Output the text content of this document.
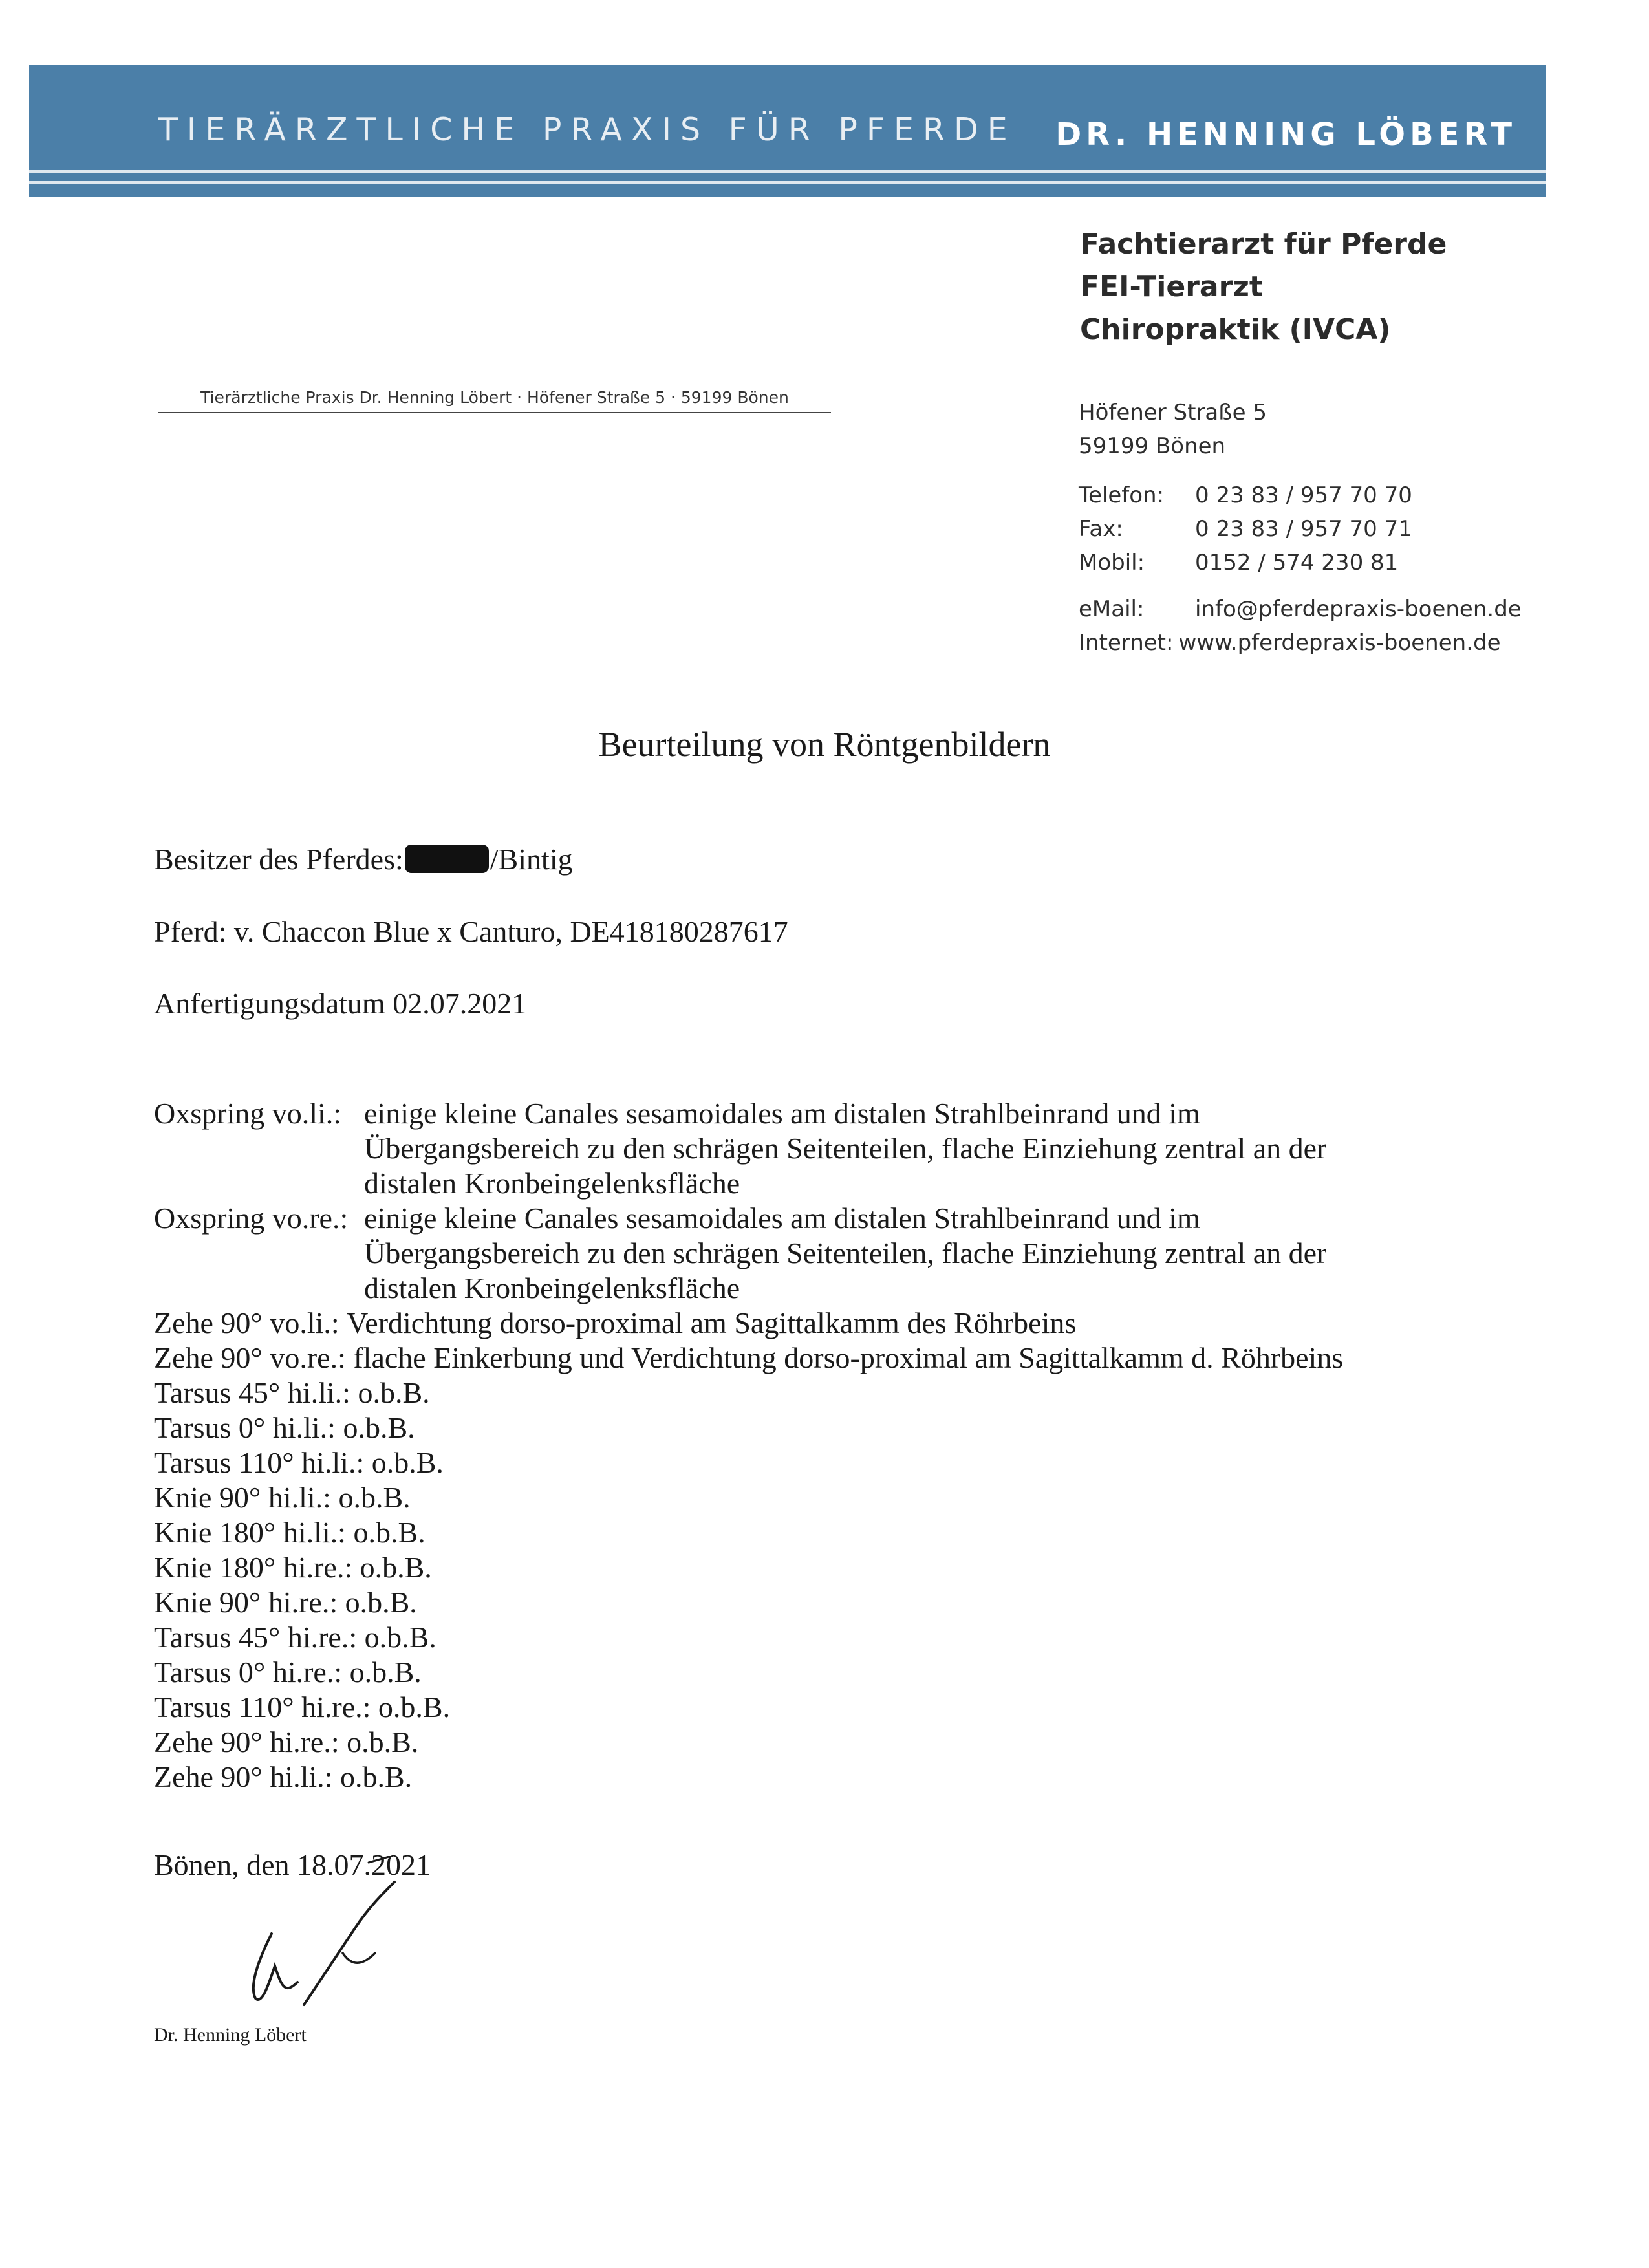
TIERÄRZTLICHE PRAXIS FÜR PFERDE DR. HENNING LÖBERT
Fachtierarzt für Pferde
FEI-Tierarzt
Chiropraktik (IVCA)
Tierärztliche Praxis Dr. Henning Löbert · Höfener Straße 5 · 59199 Bönen
Höfener Straße 5
59199 Bönen
Telefon:	0 23 83 / 957 70 70
Fax:	0 23 83 / 957 70 71
Mobil:	0152 / 574 230 81
eMail:	info@pferdepraxis-boenen.de
Internet: www.pferdepraxis-boenen.de
Beurteilung von Röntgenbildern
Besitzer des Pferdes:	/Bintig
Pferd: v. Chaccon Blue x Canturo, DE418180287617
Anfertigungsdatum 02.07.2021
Oxspring vo.li.: einige kleine Canales sesamoidales am distalen Strahlbeinrand und im
Übergangsbereich zu den schrägen Seitenteilen, flache Einziehung zentral an der
distalen Kronbeingelenksfläche
Oxspring vo.re.: einige kleine Canales sesamoidales am distalen Strahlbeinrand und im
Übergangsbereich zu den schrägen Seitenteilen, flache Einziehung zentral an der
distalen Kronbeingelenksfläche
Zehe 90° vo.li.:
Verdichtung dorso-proximal am Sagittalkamm des Röhrbeins
Zehe 90° vo.re.:
flache Einkerbung und Verdichtung dorso-proximal am Sagittalkamm d. Röhrbeins
Tarsus 45° hi.li.:
o.b.B.
Tarsus 0° hi.li.:
o.b.B.
Tarsus 110° hi.li.:
o.b.B.
Knie 90° hi.li.:
o.b.B.
Knie 180° hi.li.:
o.b.B.
Knie 180° hi.re.:
o.b.B.
Knie 90° hi.re.:
o.b.B.
Tarsus 45° hi.re.:
o.b.B.
Tarsus 0° hi.re.:
o.b.B.
Tarsus 110° hi.re.:
o.b.B.
Zehe 90° hi.re.:
o.b.B.
Zehe 90° hi.li.:
o.b.B.
Bönen, den 18.07.2021
Dr. Henning Löbert
